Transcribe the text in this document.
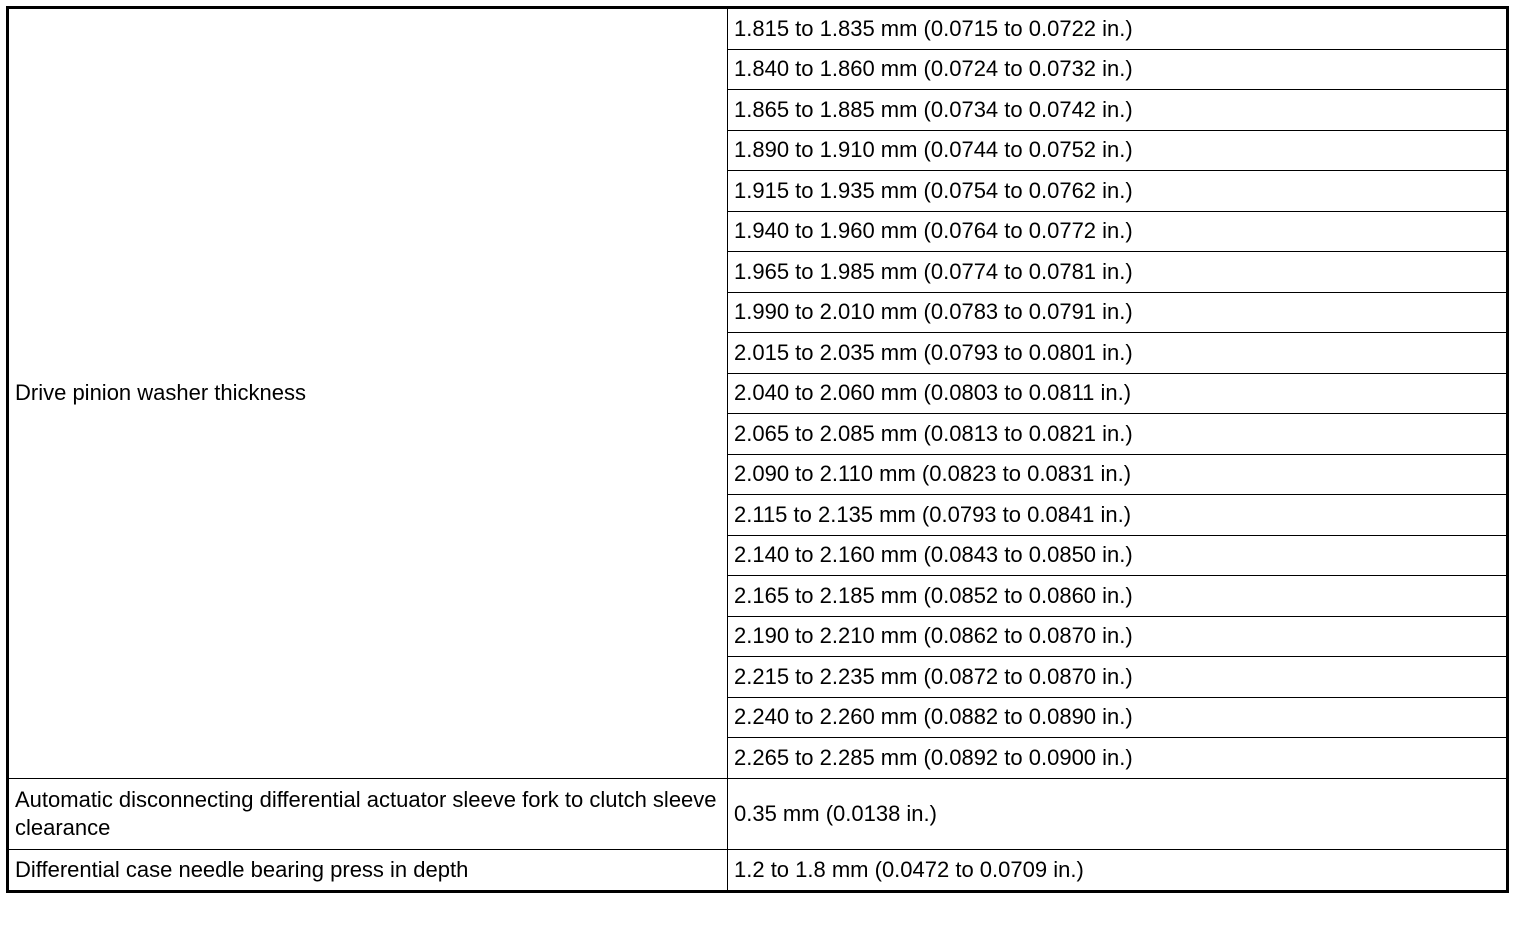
Drive pinion washer thickness	1.815 to 1.835 mm (0.0715 to 0.0722 in.)
	1.840 to 1.860 mm (0.0724 to 0.0732 in.)
	1.865 to 1.885 mm (0.0734 to 0.0742 in.)
	1.890 to 1.910 mm (0.0744 to 0.0752 in.)
	1.915 to 1.935 mm (0.0754 to 0.0762 in.)
	1.940 to 1.960 mm (0.0764 to 0.0772 in.)
	1.965 to 1.985 mm (0.0774 to 0.0781 in.)
	1.990 to 2.010 mm (0.0783 to 0.0791 in.)
	2.015 to 2.035 mm (0.0793 to 0.0801 in.)
	2.040 to 2.060 mm (0.0803 to 0.0811 in.)
	2.065 to 2.085 mm (0.0813 to 0.0821 in.)
	2.090 to 2.110 mm (0.0823 to 0.0831 in.)
	2.115 to 2.135 mm (0.0793 to 0.0841 in.)
	2.140 to 2.160 mm (0.0843 to 0.0850 in.)
	2.165 to 2.185 mm (0.0852 to 0.0860 in.)
	2.190 to 2.210 mm (0.0862 to 0.0870 in.)
	2.215 to 2.235 mm (0.0872 to 0.0870 in.)
	2.240 to 2.260 mm (0.0882 to 0.0890 in.)
	2.265 to 2.285 mm (0.0892 to 0.0900 in.)
Automatic disconnecting differential actuator sleeve fork to clutch sleeve clearance	0.35 mm (0.0138 in.)
Differential case needle bearing press in depth	1.2 to 1.8 mm (0.0472 to 0.0709 in.)
